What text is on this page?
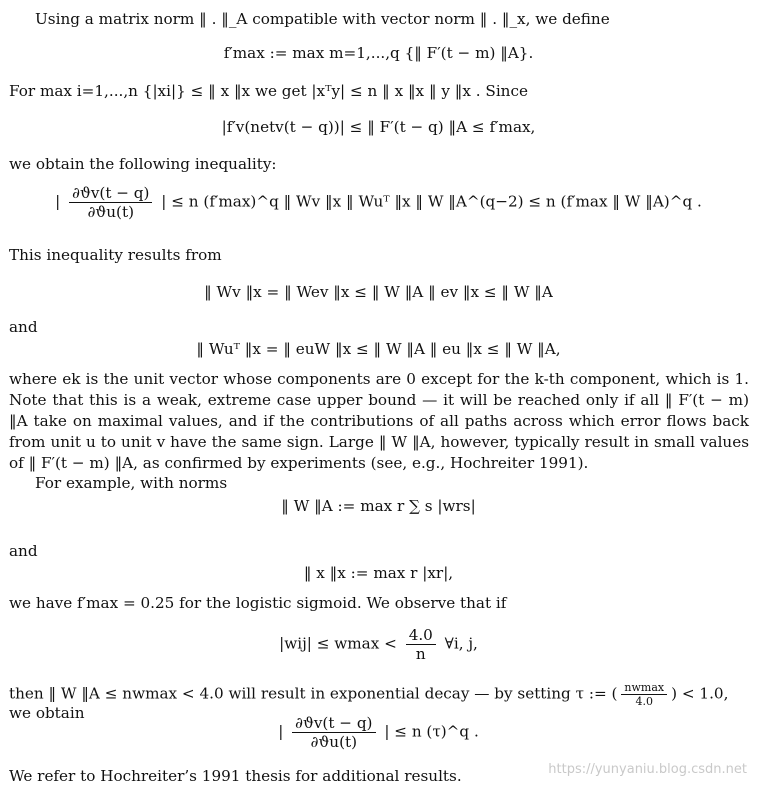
Using a matrix norm ‖ . ‖_A compatible with vector norm ‖ . ‖_x, we define
f′max := max m=1,...,q {‖ F′(t − m) ‖A}.
For max i=1,...,n {|xi|} ≤ ‖ x ‖x we get |xᵀy| ≤ n ‖ x ‖x ‖ y ‖x . Since
|f′v(netv(t − q))| ≤ ‖ F′(t − q) ‖A ≤ f′max,
we obtain the following inequality:
| $\frac{\partial ϑv(t - q)}{\partial ϑu(t)}$ | ≤ n (f′max)^q ‖ Wv ‖x ‖ Wuᵀ ‖x ‖ W ‖A^(q−2) ≤ n (f′max ‖ W ‖A)^q .
This inequality results from
‖ Wv ‖x = ‖ Wev ‖x ≤ ‖ W ‖A ‖ ev ‖x ≤ ‖ W ‖A
and
‖ Wuᵀ ‖x = ‖ euW ‖x ≤ ‖ W ‖A ‖ eu ‖x ≤ ‖ W ‖A,
where ek is the unit vector whose components are 0 except for the k-th component, which is 1. Note that this is a weak, extreme case upper bound — it will be reached only if all ‖ F′(t − m) ‖A take on maximal values, and if the contributions of all paths across which error flows back from unit u to unit v have the same sign. Large ‖ W ‖A, however, typically result in small values of ‖ F′(t − m) ‖A, as confirmed by experiments (see, e.g., Hochreiter 1991).
For example, with norms
‖ W ‖A := max r ∑ s |wrs|
and
‖ x ‖x := max r |xr|,
we have f′max = 0.25 for the logistic sigmoid. We observe that if
$|wij| \le wmax < \frac{4.0}{n}$ ∀i, j,
then ‖ W ‖A ≤ nwmax < 4.0 will result in exponential decay — by setting τ := ( $\frac{nwmax}{4.0}$ ) < 1.0,
we obtain
| $\frac{\partial ϑv(t - q)}{\partial ϑu(t)}$ | ≤ n (τ)^q .
We refer to Hochreiter’s 1991 thesis for additional results.	https://yunyaniu.blog.csdn.net
